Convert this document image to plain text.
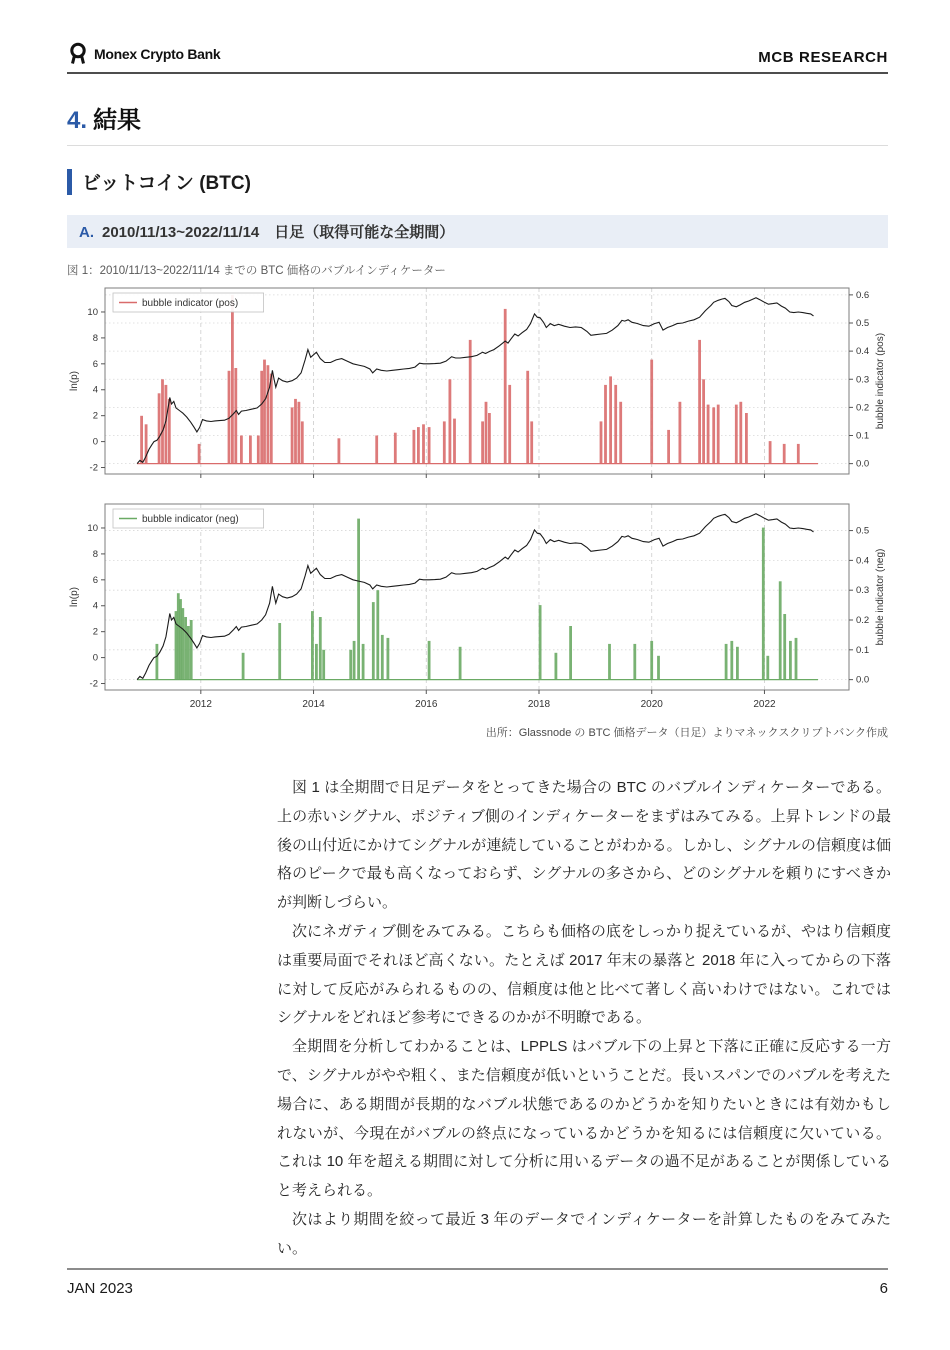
Monex Crypto Bank	MCB RESEARCH
4. 結果
ビットコイン (BTC)
A. 2010/11/13~2022/11/14　日足（取得可能な全期間）
図 1：2010/11/13~2022/11/14 までの BTC 価格のバブルインディケーター
-2
0
2
4
6
8
10
0.0
0.1
0.2
0.3
0.4
0.5
0.6
ln(p)	bubble indicator (pos)
bubble indicator (pos)
-2
0
2
4
6
8
10
0.0
0.1
0.2
0.3
0.4
0.5
2012	2014	2016	2018	2020	2022
ln(p)	bubble indicator (neg)
bubble indicator (neg)
出所：Glassnode の BTC 価格データ（日足）よりマネックスクリプトバンク作成

図 1 は全期間で日足データをとってきた場合の BTC のバブルインディケーターである。上の赤いシグナル、ポジティブ側のインディケーターをまずはみてみる。上昇トレンドの最後の山付近にかけてシグナルが連続していることがわかる。しかし、シグナルの信頼度は価格のピークで最も高くなっておらず、シグナルの多さから、どのシグナルを頼りにすべきかが判断しづらい。

次にネガティブ側をみてみる。こちらも価格の底をしっかり捉えているが、やはり信頼度は重要局面でそれほど高くない。たとえば 2017 年末の暴落と 2018 年に入ってからの下落に対して反応がみられるものの、信頼度は他と比べて著しく高いわけではない。これではシグナルをどれほど参考にできるのかが不明瞭である。

全期間を分析してわかることは、LPPLS はバブル下の上昇と下落に正確に反応する一方で、シグナルがやや粗く、また信頼度が低いということだ。長いスパンでのバブルを考えた場合に、ある期間が長期的なバブル状態であるのかどうかを知りたいときには有効かもしれないが、今現在がバブルの終点になっているかどうかを知るには信頼度に欠いている。これは 10 年を超える期間に対して分析に用いるデータの過不足があることが関係していると考えられる。

次はより期間を絞って最近 3 年のデータでインディケーターを計算したものをみてみたい。

JAN 2023	6
